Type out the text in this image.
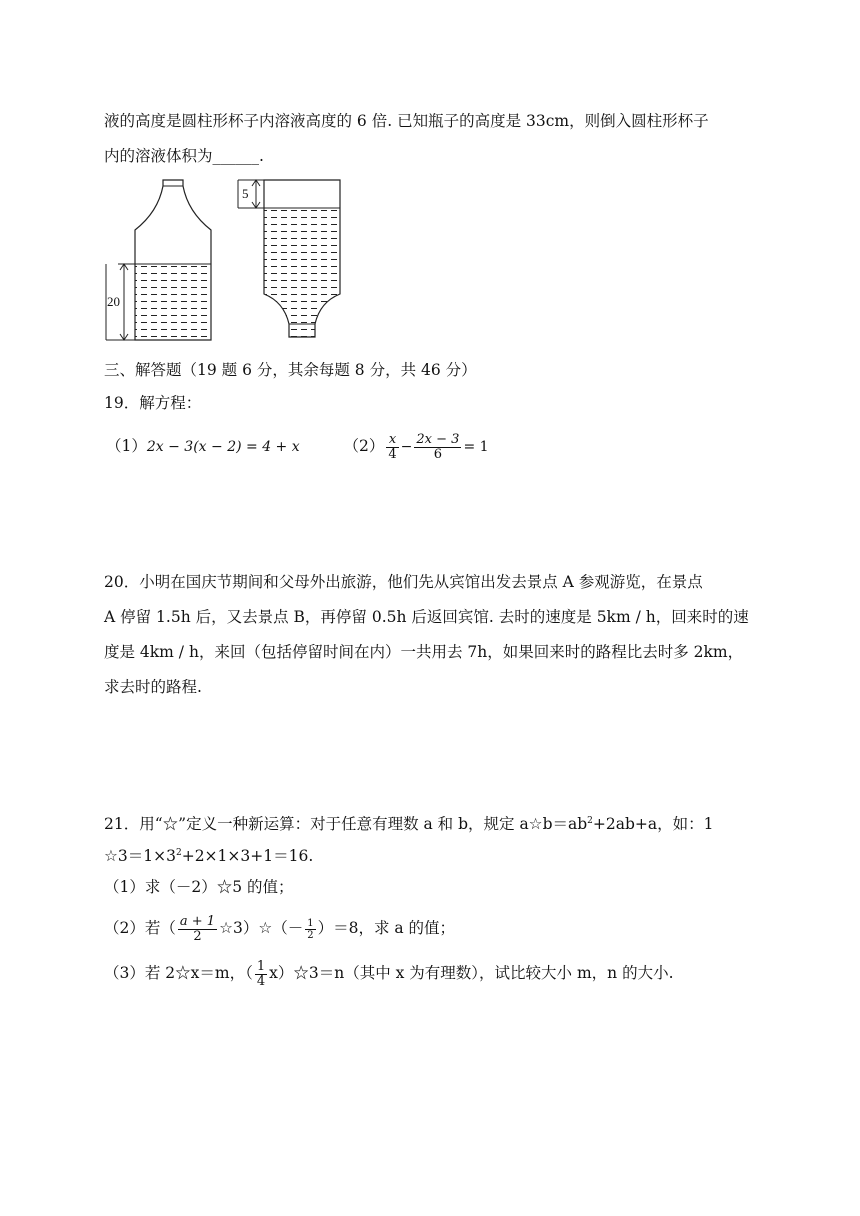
液的高度是圆柱形杯子内溶液高度的 6 倍. 已知瓶子的高度是 33cm，则倒入圆柱形杯子
内的溶液体积为______.
20
5
三、解答题（19 题 6 分，其余每题 8 分，共 46 分）
19．解方程：
（1）2x − 3(x − 2) = 4 + x	$(2) \frac{x}{4} - \frac{2x - 3}{6} = 1$
20．小明在国庆节期间和父母外出旅游，他们先从宾馆出发去景点 A 参观游览，在景点
A 停留 1.5h 后，又去景点 B，再停留 0.5h 后返回宾馆. 去时的速度是 5km / h，回来时的速
度是 4km / h，来回（包括停留时间在内）一共用去 7h，如果回来时的路程比去时多 2km，
求去时的路程.
21．用“☆”定义一种新运算：对于任意有理数 a 和 b，规定 $a☆b=ab^2+2ab+a$，如：1
$☆3=1\times 3^2+2\times 1\times 3+1=16$.
（1）求（－2）☆5 的值；
（2）若（ $\frac{a + 1}{2}$ ☆3）☆（－ $\frac{1}{2} )=8$，求 a 的值；
（3）若 2☆x＝m，（ $\frac{1}{4}$ x）☆3＝n（其中 x 为有理数），试比较大小 m，n 的大小.
